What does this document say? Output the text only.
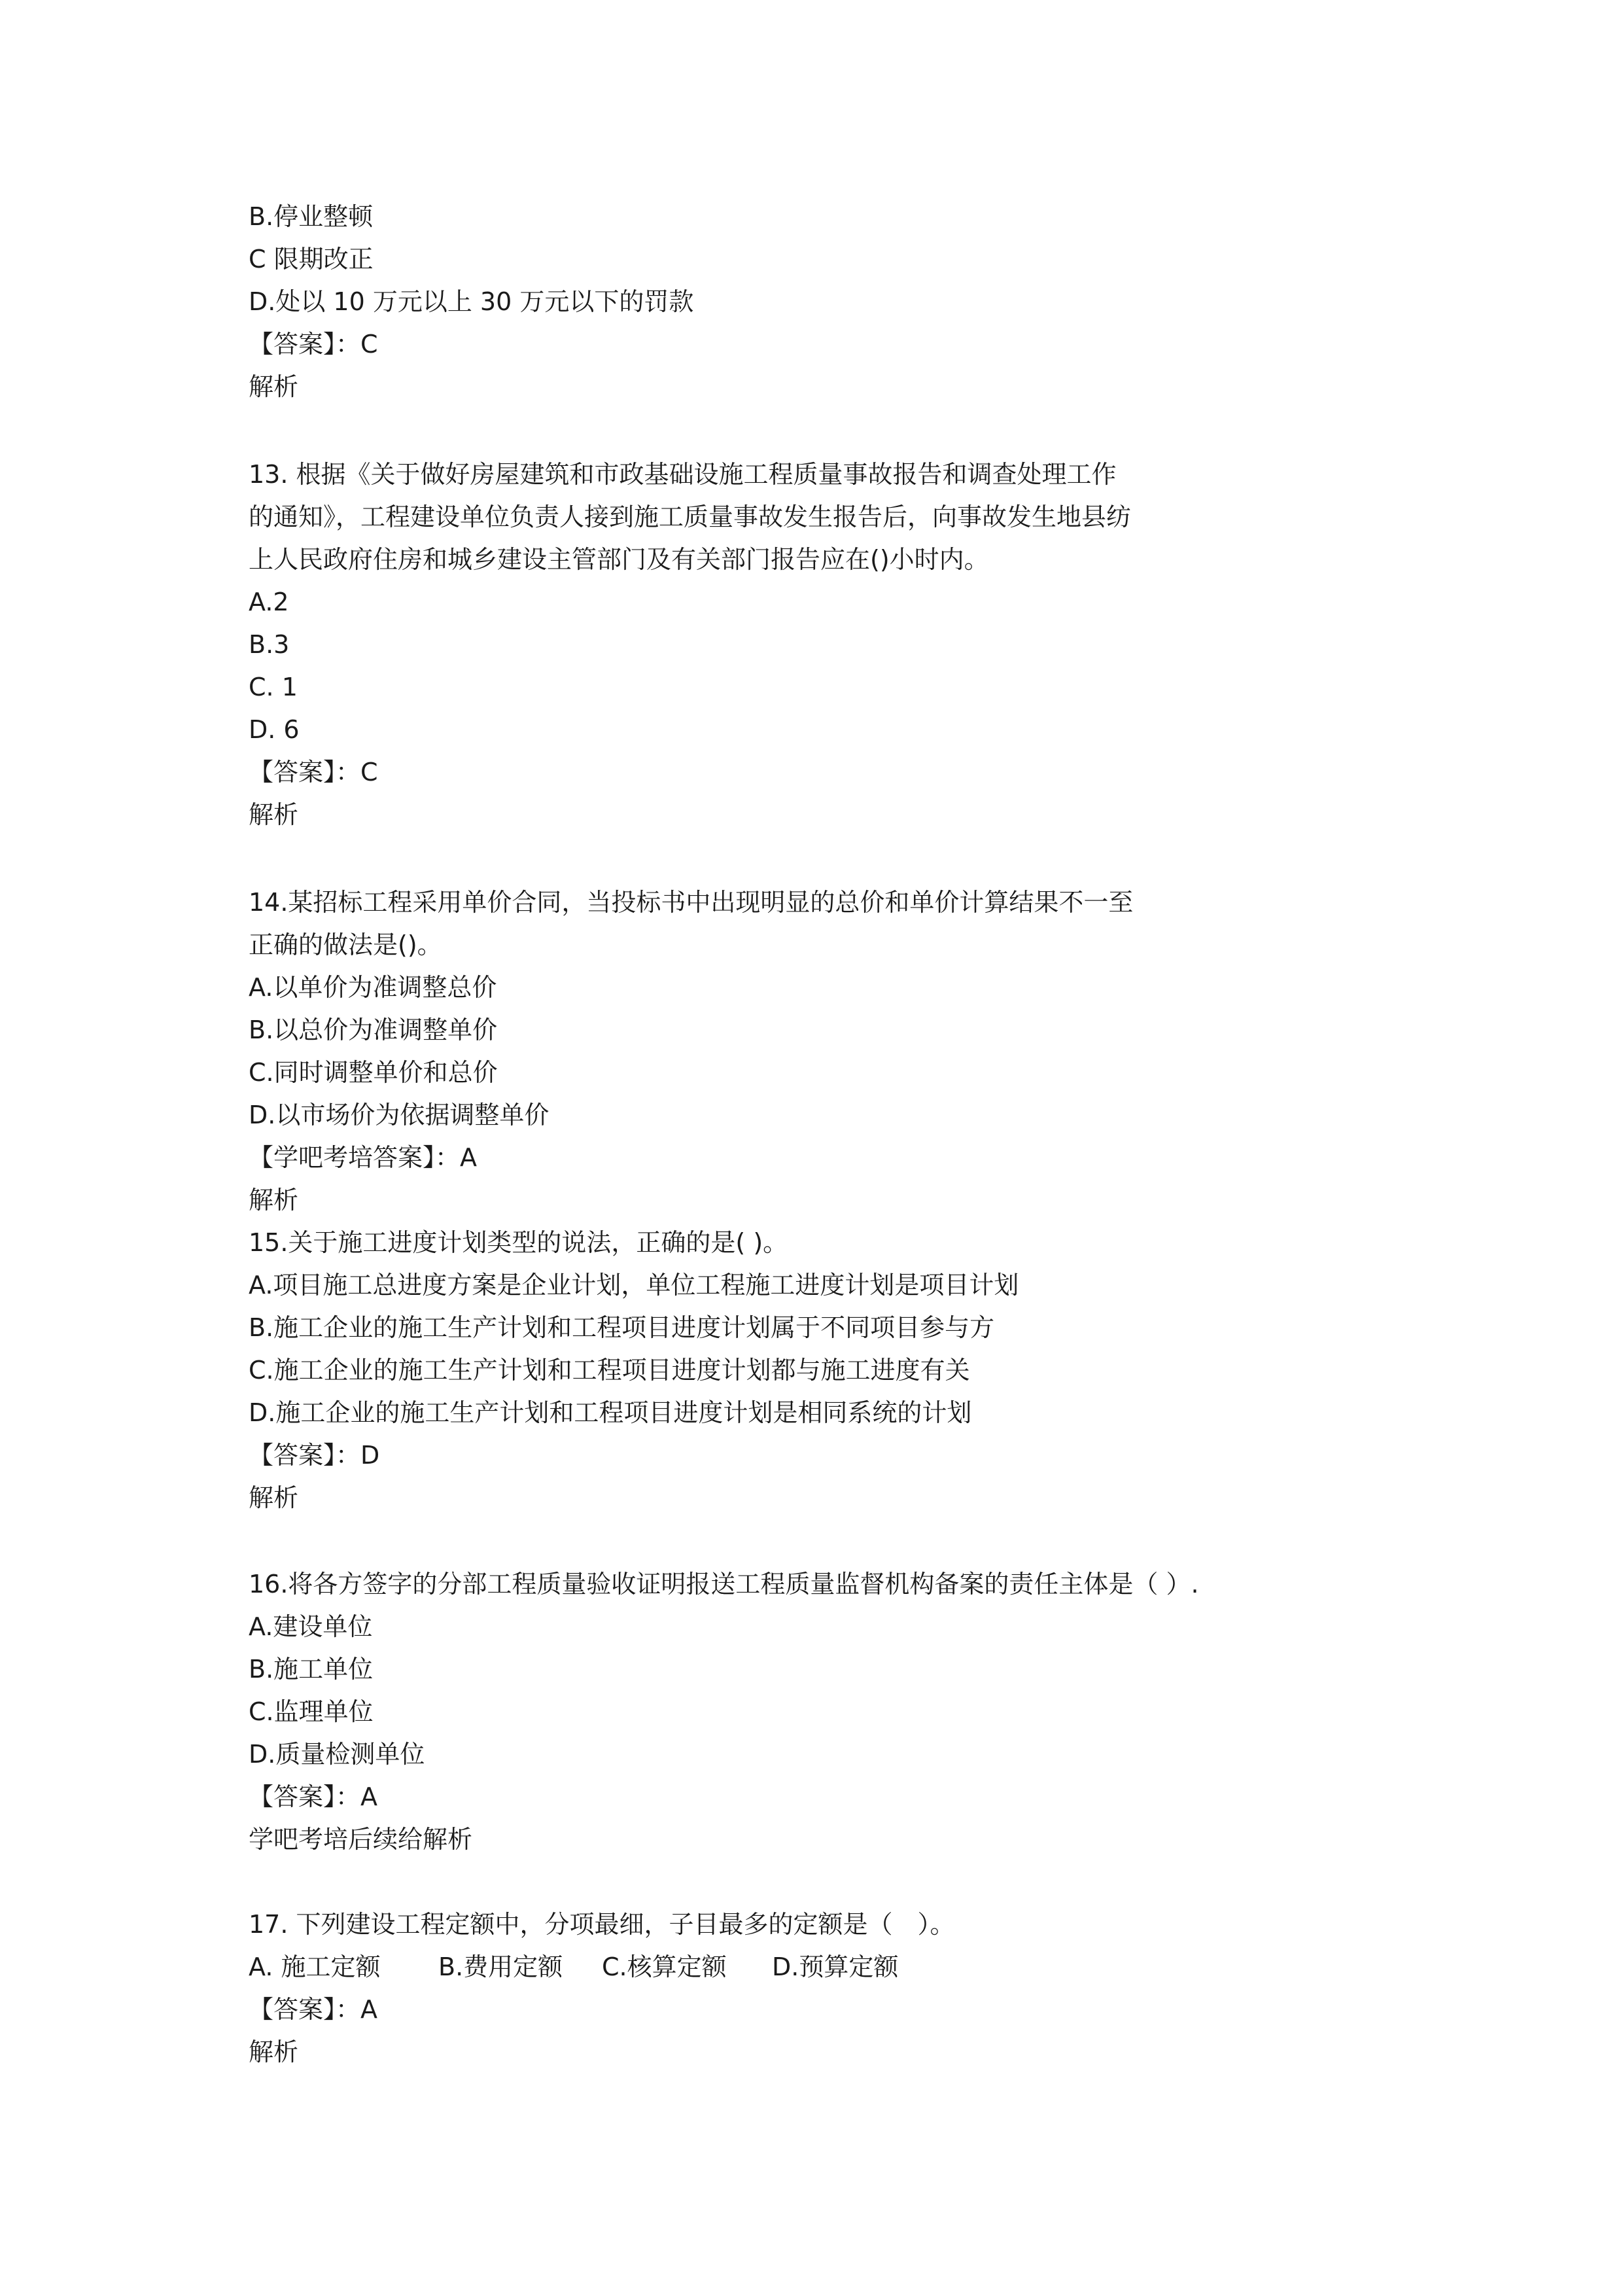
B.停业整顿

C 限期改正

D.处以 10 万元以上 30 万元以下的罚款

【答案】：C

解析

13. 根据《关于做好房屋建筑和市政基础设施工程质量事故报告和调查处理工作

的通知》，工程建设单位负责人接到施工质量事故发生报告后，向事故发生地县纺

上人民政府住房和城乡建设主管部门及有关部门报告应在()小时内。

A.2

B.3

C. 1

D. 6

【答案】：C

解析

14.某招标工程采用单价合同，当投标书中出现明显的总价和单价计算结果不一至

正确的做法是()。

A.以单价为准调整总价

B.以总价为准调整单价

C.同时调整单价和总价

D.以市场价为依据调整单价

【学吧考培答案】：A

解析

15.关于施工进度计划类型的说法，正确的是( )。

A.项目施工总进度方案是企业计划，单位工程施工进度计划是项目计划

B.施工企业的施工生产计划和工程项目进度计划属于不同项目参与方

C.施工企业的施工生产计划和工程项目进度计划都与施工进度有关

D.施工企业的施工生产计划和工程项目进度计划是相同系统的计划

【答案】：D

解析

16.将各方签字的分部工程质量验收证明报送工程质量监督机构备案的责任主体是（ ）.

A.建设单位

B.施工单位

C.监理单位

D.质量检测单位

【答案】：A

学吧考培后续给解析

17. 下列建设工程定额中，分项最细，子目最多的定额是（　）。

A. 施工定额	B.费用定额	C.核算定额	D.预算定额

【答案】：A

解析
